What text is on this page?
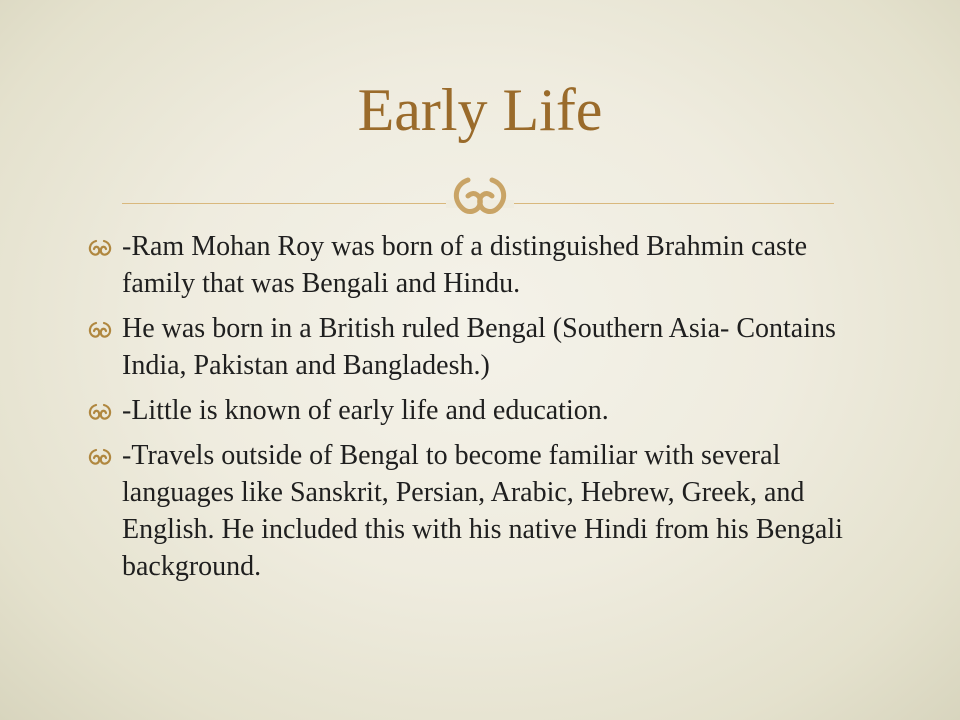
Early Life
-Ram Mohan Roy was born of a distinguished Brahmin caste family that was Bengali and Hindu.
He was born in a British ruled Bengal (Southern Asia- Contains India, Pakistan and Bangladesh.)
-Little is known of early life and education.
-Travels outside of Bengal to become familiar with several languages like Sanskrit, Persian, Arabic, Hebrew, Greek, and English. He included this with his native Hindi from his Bengali background.
